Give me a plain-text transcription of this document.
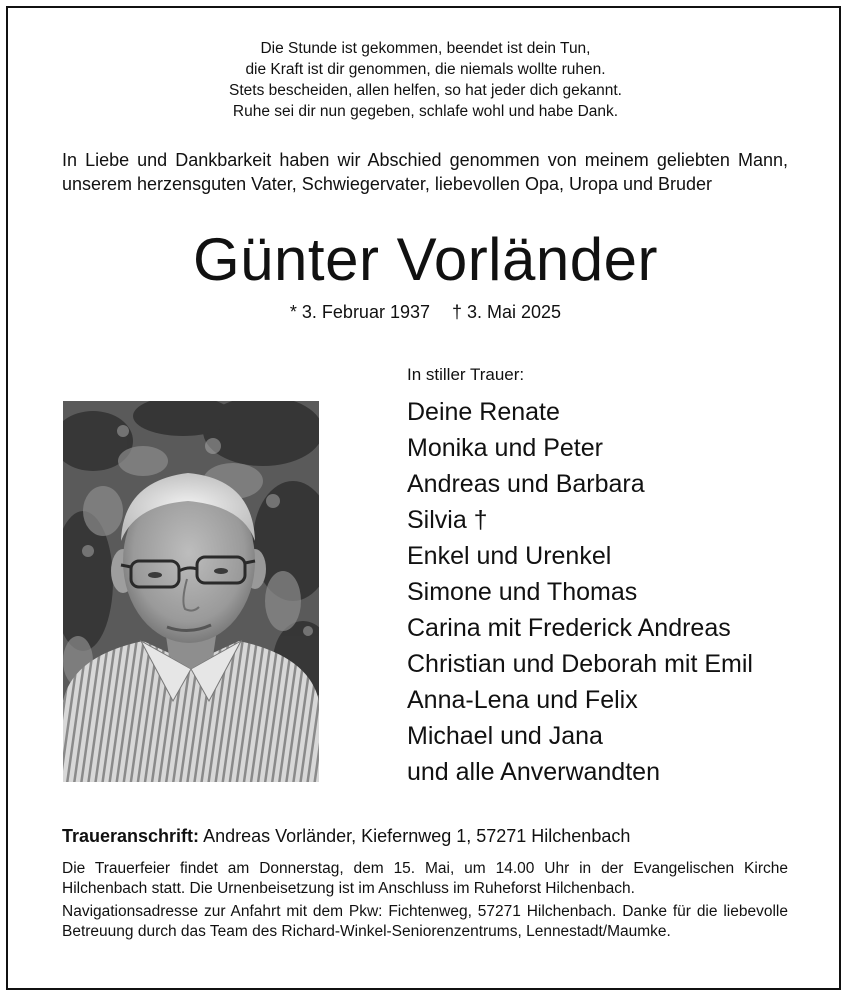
Die Stunde ist gekommen, beendet ist dein Tun,
die Kraft ist dir genommen, die niemals wollte ruhen.
Stets bescheiden, allen helfen, so hat jeder dich gekannt.
Ruhe sei dir nun gegeben, schlafe wohl und habe Dank.
In Liebe und Dankbarkeit haben wir Abschied genommen von meinem geliebten Mann, unserem herzensguten Vater, Schwiegervater, liebevollen Opa, Uropa und Bruder
Günter Vorländer
* 3. Februar 1937 † 3. Mai 2025
In stiller Trauer:
Deine Renate
Monika und Peter
Andreas und Barbara
Silvia †
Enkel und Urenkel
Simone und Thomas
Carina mit Frederick Andreas
Christian und Deborah mit Emil
Anna-Lena und Felix
Michael und Jana
und alle Anverwandten
Traueranschrift: Andreas Vorländer, Kiefernweg 1, 57271 Hilchenbach
Die Trauerfeier findet am Donnerstag, dem 15. Mai, um 14.00 Uhr in der Evangelischen Kirche Hilchenbach statt. Die Urnenbeisetzung ist im Anschluss im Ruheforst Hilchenbach.
Navigationsadresse zur Anfahrt mit dem Pkw: Fichtenweg, 57271 Hilchenbach. Danke für die liebevolle Betreuung durch das Team des Richard-Winkel-Seniorenzentrums, Lennestadt/Maumke.
